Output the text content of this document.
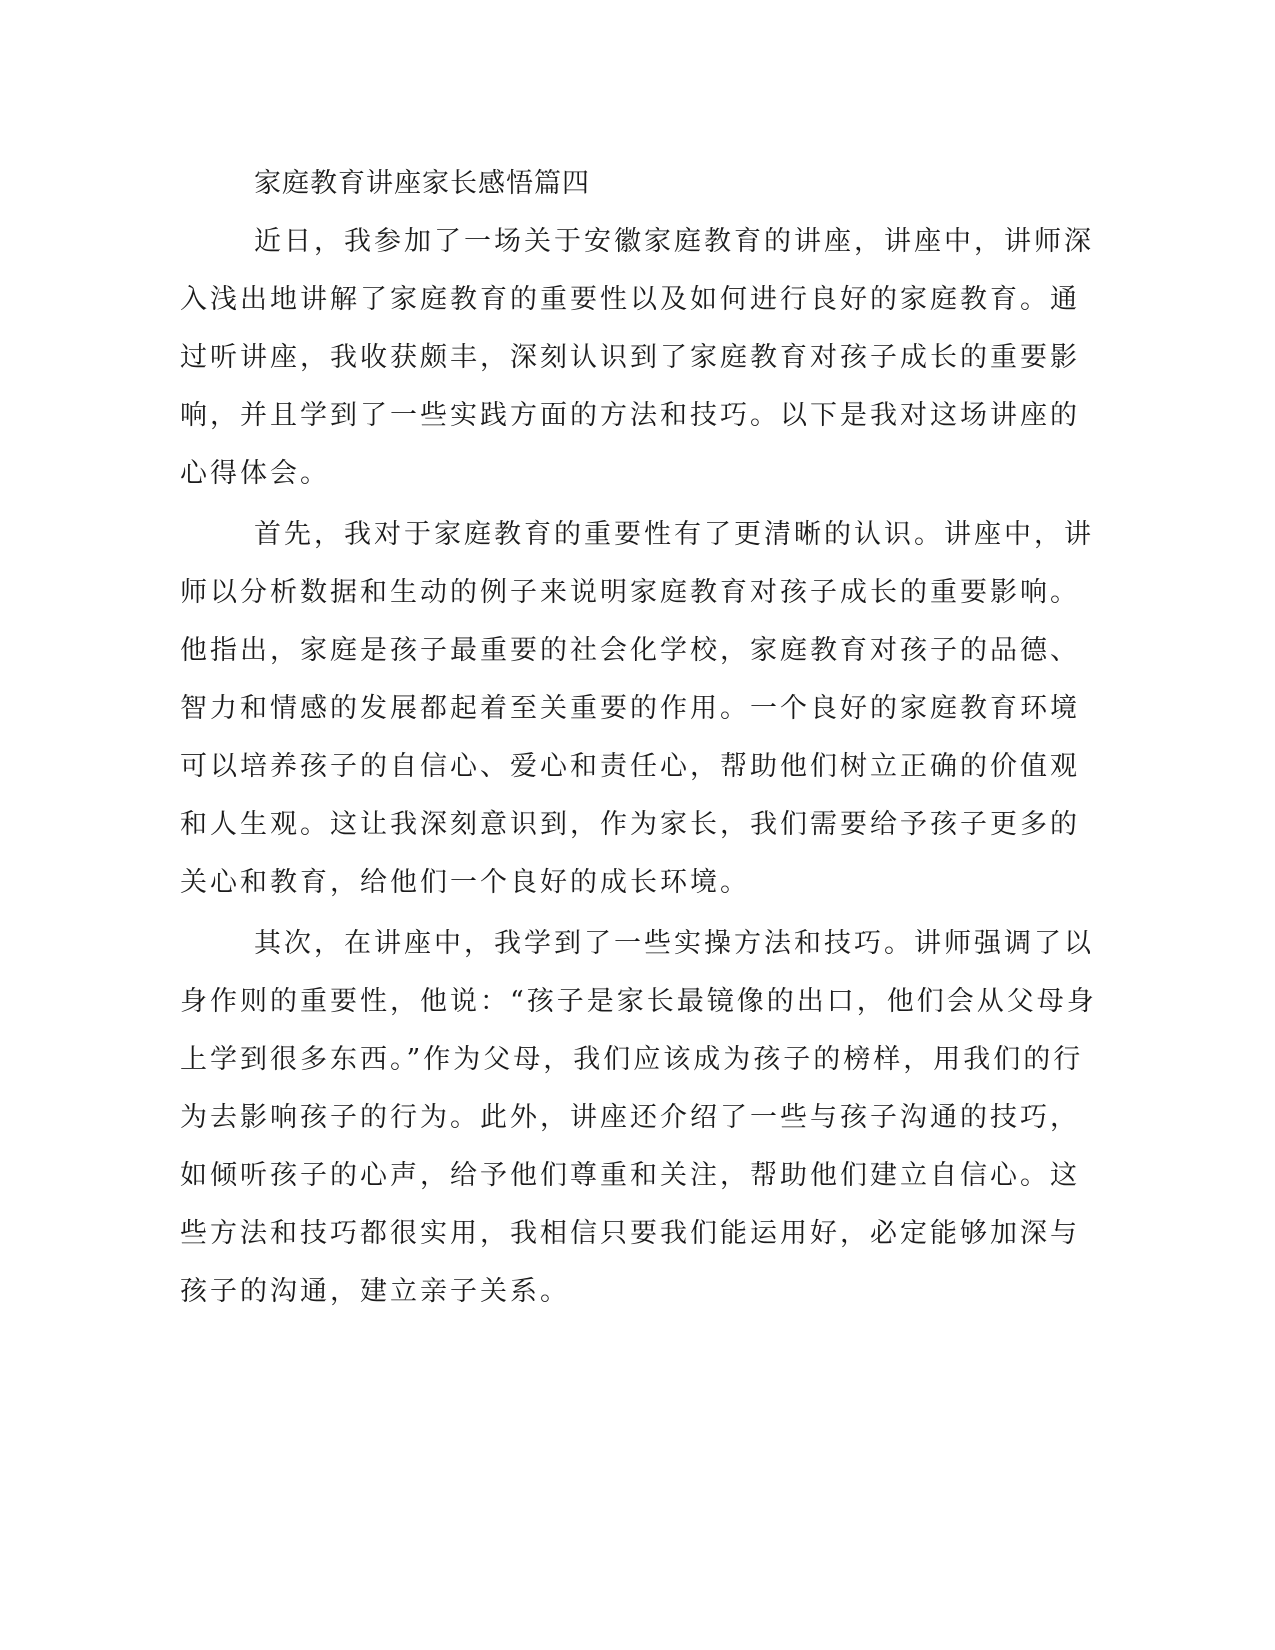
家庭教育讲座家长感悟篇四
近日，我参加了一场关于安徽家庭教育的讲座，讲座中，讲师深
入浅出地讲解了家庭教育的重要性以及如何进行良好的家庭教育。通
过听讲座，我收获颇丰，深刻认识到了家庭教育对孩子成长的重要影
响，并且学到了一些实践方面的方法和技巧。以下是我对这场讲座的
心得体会。
首先，我对于家庭教育的重要性有了更清晰的认识。讲座中，讲
师以分析数据和生动的例子来说明家庭教育对孩子成长的重要影响。
他指出，家庭是孩子最重要的社会化学校，家庭教育对孩子的品德、
智力和情感的发展都起着至关重要的作用。一个良好的家庭教育环境
可以培养孩子的自信心、爱心和责任心，帮助他们树立正确的价值观
和人生观。这让我深刻意识到，作为家长，我们需要给予孩子更多的
关心和教育，给他们一个良好的成长环境。
其次，在讲座中，我学到了一些实操方法和技巧。讲师强调了以
身作则的重要性，他说：“孩子是家长最镜像的出口，他们会从父母身
上学到很多东西。”作为父母，我们应该成为孩子的榜样，用我们的行
为去影响孩子的行为。此外，讲座还介绍了一些与孩子沟通的技巧，
如倾听孩子的心声，给予他们尊重和关注，帮助他们建立自信心。这
些方法和技巧都很实用，我相信只要我们能运用好，必定能够加深与
孩子的沟通，建立亲子关系。
